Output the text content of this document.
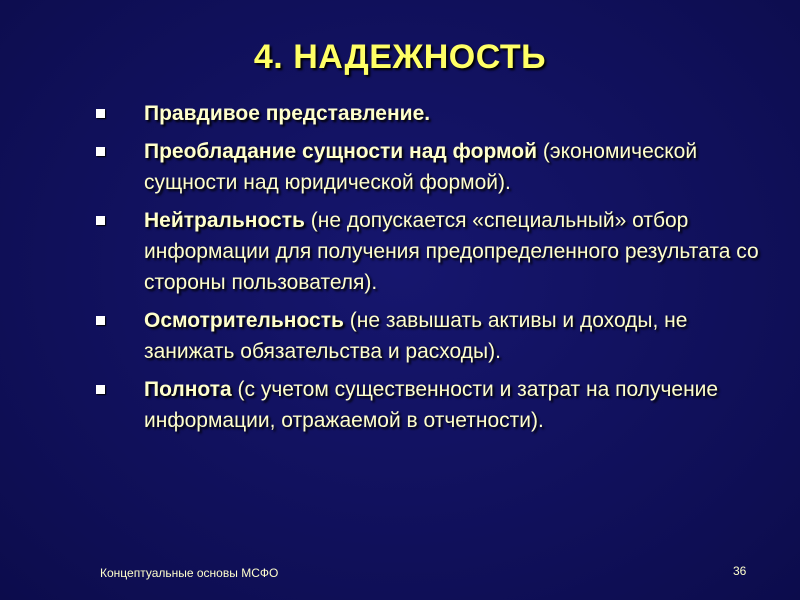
4. НАДЕЖНОСТЬ
Правдивое представление.
Преобладание сущности над формой (экономической сущности над юридической формой).
Нейтральность (не допускается «специальный» отбор информации для получения предопределенного результата со стороны пользователя).
Осмотрительность (не завышать активы и доходы, не занижать обязательства и расходы).
Полнота (с учетом существенности и затрат на получение информации, отражаемой в отчетности).
Концептуальные основы МСФО	36
